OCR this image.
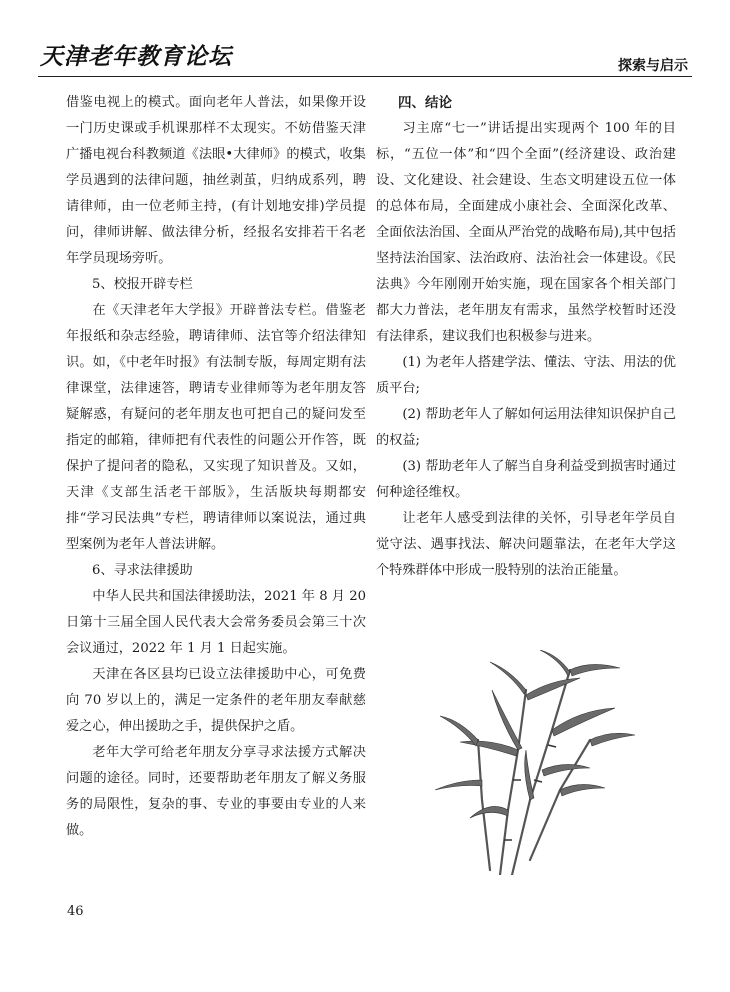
天津老年教育论坛	探索与启示

借鉴电视上的模式。面向老年人普法，如果像开设一门历史课或手机课那样不太现实。不妨借鉴天津广播电视台科教频道《法眼•大律师》的模式，收集学员遇到的法律问题，抽丝剥茧，归纳成系列，聘请律师，由一位老师主持，(有计划地安排)学员提问，律师讲解、做法律分析，经报名安排若干名老年学员现场旁听。

5、校报开辟专栏

在《天津老年大学报》开辟普法专栏。借鉴老年报纸和杂志经验，聘请律师、法官等介绍法律知识。如，《中老年时报》有法制专版，每周定期有法律课堂，法律速答，聘请专业律师等为老年朋友答疑解惑，有疑问的老年朋友也可把自己的疑问发至指定的邮箱，律师把有代表性的问题公开作答，既保护了提问者的隐私，又实现了知识普及。又如，天津《支部生活老干部版》，生活版块每期都安排“学习民法典”专栏，聘请律师以案说法，通过典型案例为老年人普法讲解。

6、寻求法律援助

中华人民共和国法律援助法，2021 年 8 月 20 日第十三届全国人民代表大会常务委员会第三十次会议通过，2022 年 1 月 1 日起实施。

天津在各区县均已设立法律援助中心，可免费向 70 岁以上的，满足一定条件的老年朋友奉献慈爱之心，伸出援助之手，提供保护之盾。

老年大学可给老年朋友分享寻求法援方式解决问题的途径。同时，还要帮助老年朋友了解义务服务的局限性，复杂的事、专业的事要由专业的人来做。

四、结论

习主席“七一”讲话提出实现两个 100 年的目标，“五位一体”和“四个全面”(经济建设、政治建设、文化建设、社会建设、生态文明建设五位一体的总体布局，全面建成小康社会、全面深化改革、全面依法治国、全面从严治党的战略布局),其中包括坚持法治国家、法治政府、法治社会一体建设。《民法典》今年刚刚开始实施，现在国家各个相关部门都大力普法，老年朋友有需求，虽然学校暂时还没有法律系，建议我们也积极参与进来。

(1) 为老年人搭建学法、懂法、守法、用法的优质平台;

(2) 帮助老年人了解如何运用法律知识保护自己的权益;

(3) 帮助老年人了解当自身利益受到损害时通过何种途径维权。

让老年人感受到法律的关怀，引导老年学员自觉守法、遇事找法、解决问题靠法，在老年大学这个特殊群体中形成一股特别的法治正能量。

46
